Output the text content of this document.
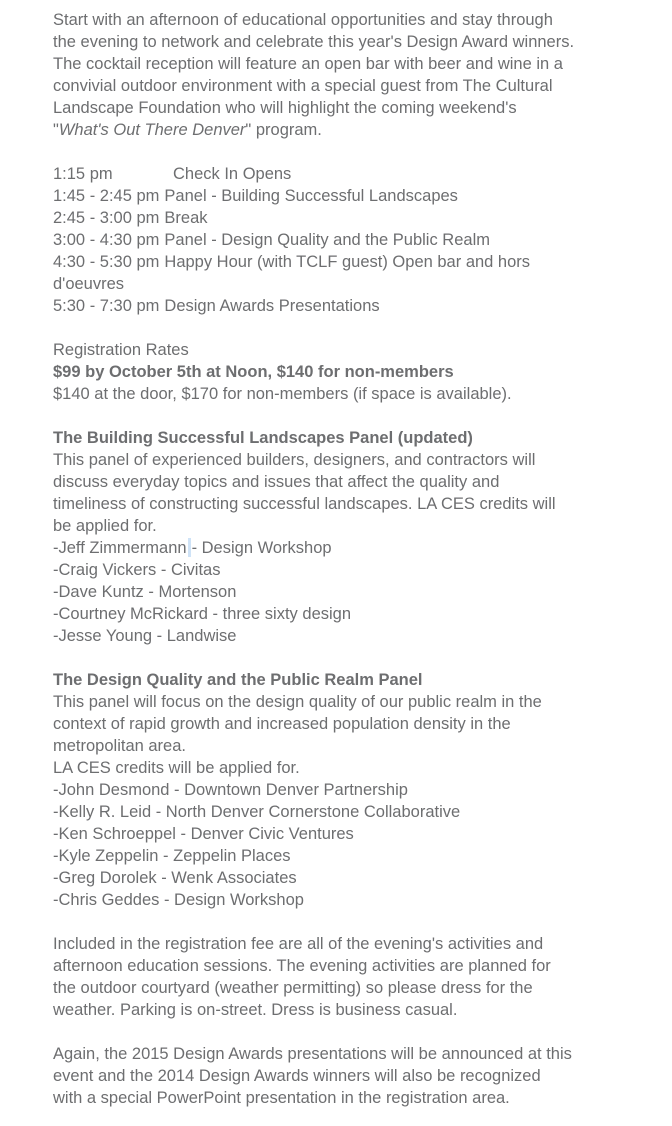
Start with an afternoon of educational opportunities and stay through
the evening to network and celebrate this year's Design Award winners.
The cocktail reception will feature an open bar with beer and wine in a
convivial outdoor environment with a special guest from The Cultural
Landscape Foundation who will highlight the coming weekend's
"What's Out There Denver" program.
1:15 pm	Check In Opens
1:45 - 2:45 pm Panel - Building Successful Landscapes
2:45 - 3:00 pm Break
3:00 - 4:30 pm Panel - Design Quality and the Public Realm
4:30 - 5:30 pm Happy Hour (with TCLF guest) Open bar and hors
d'oeuvres
5:30 - 7:30 pm Design Awards Presentations
Registration Rates
$99 by October 5th at Noon, $140 for non-members
$140 at the door, $170 for non-members (if space is available).
The Building Successful Landscapes Panel (updated)
This panel of experienced builders, designers, and contractors will
discuss everyday topics and issues that affect the quality and
timeliness of constructing successful landscapes. LA CES credits will
be applied for.
-Jeff Zimmermann - Design Workshop
-Craig Vickers - Civitas
-Dave Kuntz - Mortenson
-Courtney McRickard - three sixty design
-Jesse Young - Landwise
The Design Quality and the Public Realm Panel
This panel will focus on the design quality of our public realm in the
context of rapid growth and increased population density in the
metropolitan area.
LA CES credits will be applied for.
-John Desmond - Downtown Denver Partnership
-Kelly R. Leid - North Denver Cornerstone Collaborative
-Ken Schroeppel - Denver Civic Ventures
-Kyle Zeppelin - Zeppelin Places
-Greg Dorolek - Wenk Associates
-Chris Geddes - Design Workshop
Included in the registration fee are all of the evening's activities and
afternoon education sessions. The evening activities are planned for
the outdoor courtyard (weather permitting) so please dress for the
weather. Parking is on-street. Dress is business casual.
Again, the 2015 Design Awards presentations will be announced at this
event and the 2014 Design Awards winners will also be recognized
with a special PowerPoint presentation in the registration area.
